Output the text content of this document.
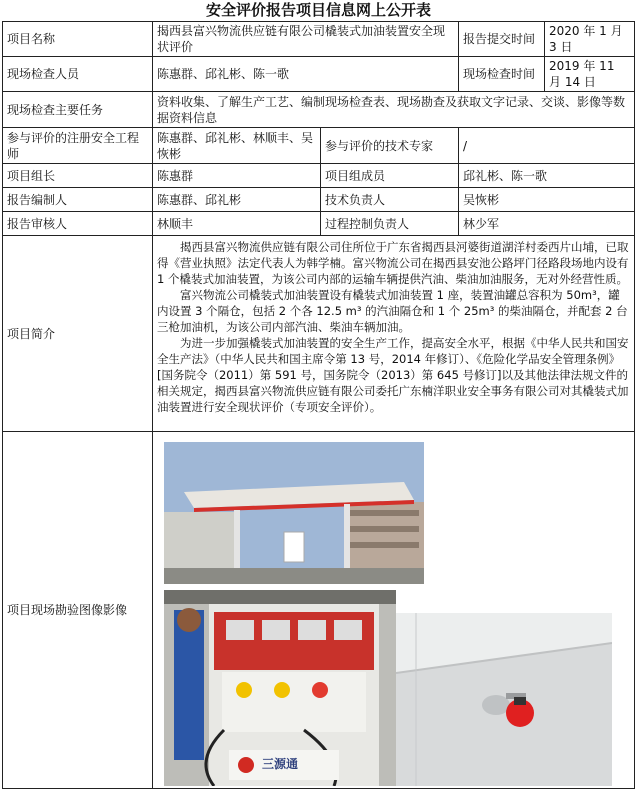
安全评价报告项目信息网上公开表
项目名称	揭西县富兴物流供应链有限公司橇装式加油装置安全现状评价		报告提交时间	2020 年 1 月 3 日
现场检查人员	陈惠群、邱礼彬、陈一歌		现场检查时间	2019 年 11 月 14 日
现场检查主要任务	资料收集、了解生产工艺、编制现场检查表、现场勘查及获取文字记录、交谈、影像等数据资料信息			
参与评价的注册安全工程师	陈惠群、邱礼彬、林顺丰、吴恢彬	参与评价的技术专家	/	
项目组长	陈惠群	项目组成员	邱礼彬、陈一歌	
报告编制人	陈惠群、邱礼彬	技术负责人	吴恢彬	
报告审核人	林顺丰	过程控制负责人	林少军	
项目简介	揭西县富兴物流供应链有限公司住所位于广东省揭西县河婆街道湖洋村委西片山埔，已取得《营业执照》法定代表人为韩学楠。富兴物流公司在揭西县安池公路坪门径路段场地内设有 1 个橇装式加油装置，为该公司内部的运输车辆提供汽油、柴油加油服务，无对外经营性质。

富兴物流公司橇装式加油装置设有橇装式加油装置 1 座，装置油罐总容积为 50m³，罐内设置 3 个隔仓，包括 2 个各 12.5 m³ 的汽油隔仓和 1 个 25m³ 的柴油隔仓，并配套 2 台三枪加油机，为该公司内部汽油、柴油车辆加油。

为进一步加强橇装式加油装置的安全生产工作，提高安全水平，根据《中华人民共和国安全生产法》（中华人民共和国主席令第 13 号，2014 年修订）、《危险化学品安全管理条例》[国务院令（2011）第 591 号，国务院令（2013）第 645 号修订]以及其他法律法规文件的相关规定，揭西县富兴物流供应链有限公司委托广东楠洋职业安全事务有限公司对其橇装式加油装置进行安全现状评价（专项安全评价）。			

项目现场勘验图像影像	三源通			
